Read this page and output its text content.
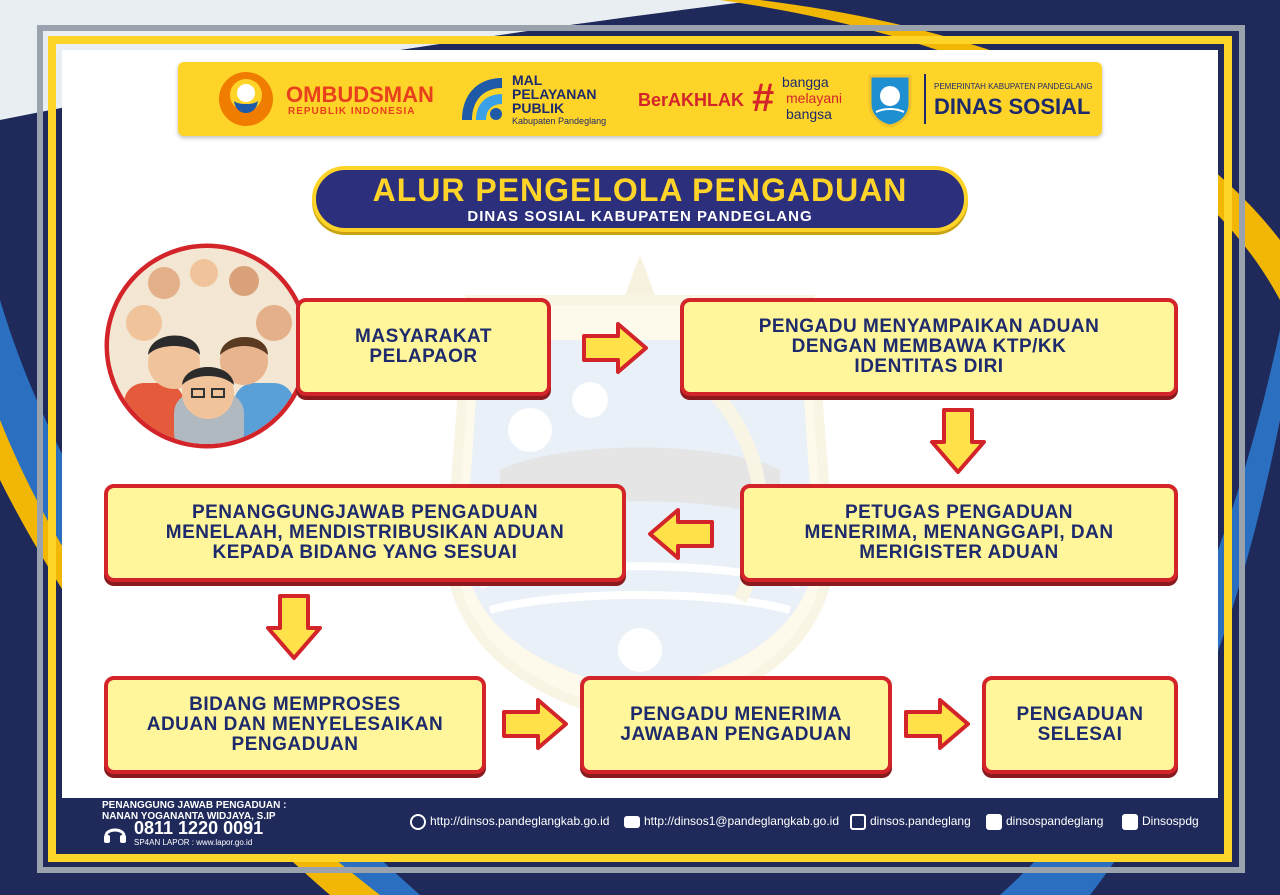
OMBUDSMAN
REPUBLIK INDONESIA
MAL
PELAYANAN
PUBLIK
Kabupaten Pandeglang
BerAKHLAK # bangga
melayani
bangsa
PEMERINTAH KABUPATEN PANDEGLANG
DINAS SOSIAL
ALUR PENGELOLA PENGADUAN
DINAS SOSIAL KABUPATEN PANDEGLANG
MASYARAKAT
PELAPAOR
PENGADU MENYAMPAIKAN ADUAN
DENGAN MEMBAWA KTP/KK
IDENTITAS DIRI
PETUGAS PENGADUAN
MENERIMA, MENANGGAPI, DAN
MERIGISTER ADUAN
PENANGGUNGJAWAB PENGADUAN
MENELAAH, MENDISTRIBUSIKAN ADUAN
KEPADA BIDANG YANG SESUAI
BIDANG MEMPROSES
ADUAN DAN MENYELESAIKAN
PENGADUAN
PENGADU MENERIMA
JAWABAN PENGADUAN
PENGADUAN
SELESAI
PENANGGUNG JAWAB PENGADUAN :
NANAN YOGANANTA WIDJAYA, S.IP
0811 1220 0091
SP4AN LAPOR : www.lapor.go.id
http://dinsos.pandeglangkab.go.id	http://dinsos1@pandeglangkab.go.id	dinsos.pandeglang	dinsospandeglang	Dinsospdg
